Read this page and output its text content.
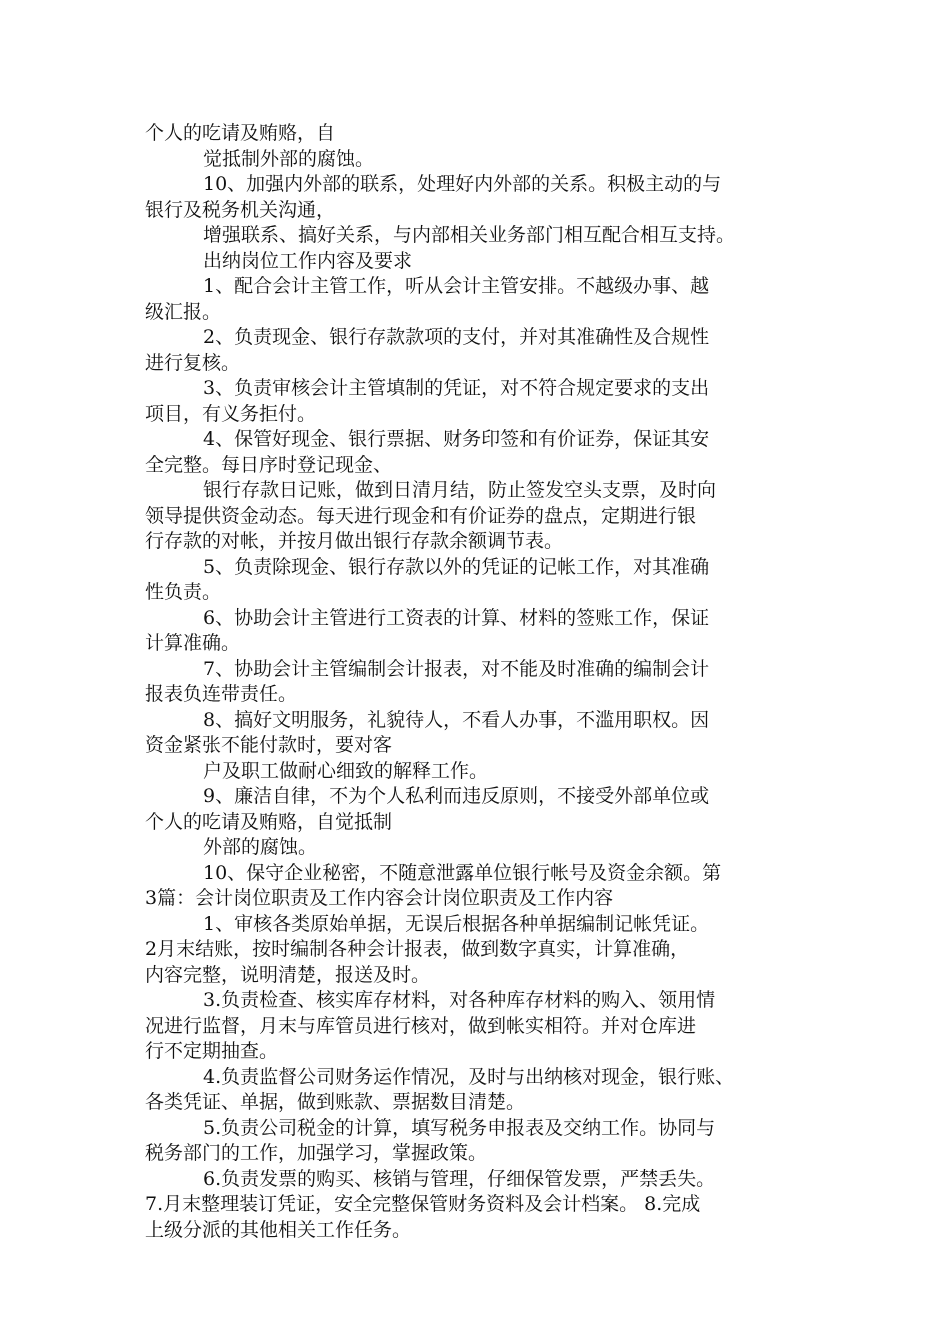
个人的吃请及贿赂，自
觉抵制外部的腐蚀。
10、加强内外部的联系，处理好内外部的关系。积极主动的与
银行及税务机关沟通，
增强联系、搞好关系，与内部相关业务部门相互配合相互支持。
出纳岗位工作内容及要求
1、配合会计主管工作，听从会计主管安排。不越级办事、越
级汇报。
2、负责现金、银行存款款项的支付，并对其准确性及合规性
进行复核。
3、负责审核会计主管填制的凭证，对不符合规定要求的支出
项目，有义务拒付。
4、保管好现金、银行票据、财务印签和有价证券，保证其安
全完整。每日序时登记现金、
银行存款日记账，做到日清月结，防止签发空头支票，及时向
领导提供资金动态。每天进行现金和有价证券的盘点，定期进行银
行存款的对帐，并按月做出银行存款余额调节表。
5、负责除现金、银行存款以外的凭证的记帐工作，对其准确
性负责。
6、协助会计主管进行工资表的计算、材料的签账工作，保证
计算准确。
7、协助会计主管编制会计报表，对不能及时准确的编制会计
报表负连带责任。
8、搞好文明服务，礼貌待人，不看人办事，不滥用职权。因
资金紧张不能付款时，要对客
户及职工做耐心细致的解释工作。
9、廉洁自律，不为个人私利而违反原则，不接受外部单位或
个人的吃请及贿赂，自觉抵制
外部的腐蚀。
10、保守企业秘密，不随意泄露单位银行帐号及资金余额。第
3篇：会计岗位职责及工作内容会计岗位职责及工作内容
1、审核各类原始单据，无误后根据各种单据编制记帐凭证。
2月末结账，按时编制各种会计报表，做到数字真实，计算准确，
内容完整，说明清楚，报送及时。
3.负责检查、核实库存材料，对各种库存材料的购入、领用情
况进行监督，月末与库管员进行核对，做到帐实相符。并对仓库进
行不定期抽查。
4.负责监督公司财务运作情况，及时与出纳核对现金，银行账、
各类凭证、单据，做到账款、票据数目清楚。
5.负责公司税金的计算，填写税务申报表及交纳工作。协同与
税务部门的工作，加强学习，掌握政策。
6.负责发票的购买、核销与管理，仔细保管发票，严禁丢失。
7.月末整理装订凭证，安全完整保管财务资料及会计档案。 8.完成
上级分派的其他相关工作任务。
